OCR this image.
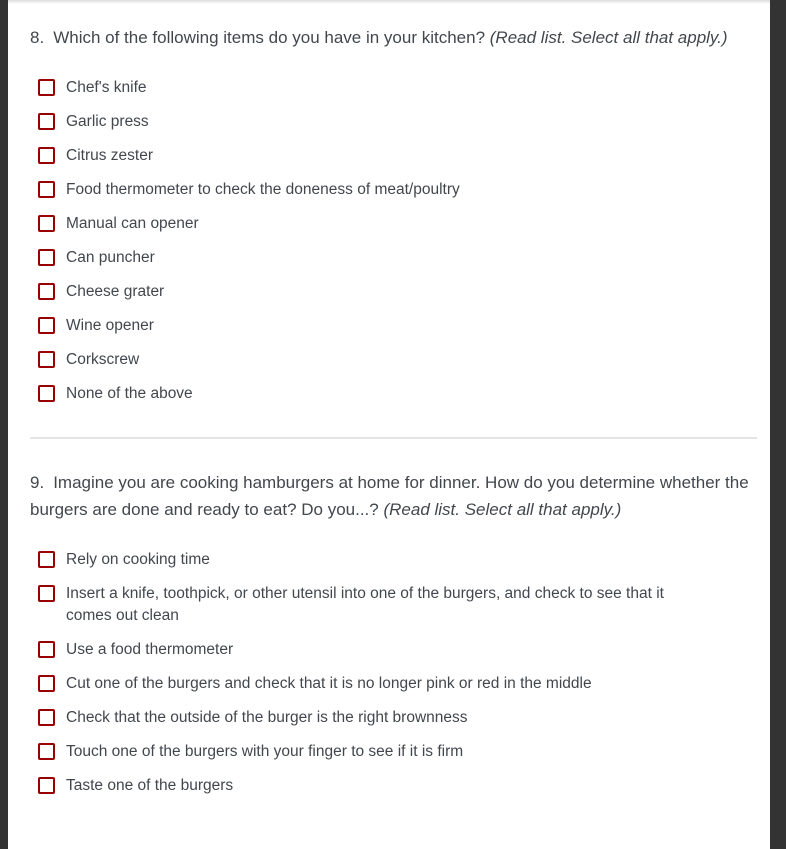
8. Which of the following items do you have in your kitchen? (Read list. Select all that apply.)
Chef's knife
Garlic press
Citrus zester
Food thermometer to check the doneness of meat/poultry
Manual can opener
Can puncher
Cheese grater
Wine opener
Corkscrew
None of the above
9. Imagine you are cooking hamburgers at home for dinner. How do you determine whether the burgers are done and ready to eat? Do you...? (Read list. Select all that apply.)
Rely on cooking time
Insert a knife, toothpick, or other utensil into one of the burgers, and check to see that it comes out clean
Use a food thermometer
Cut one of the burgers and check that it is no longer pink or red in the middle
Check that the outside of the burger is the right brownness
Touch one of the burgers with your finger to see if it is firm
Taste one of the burgers
